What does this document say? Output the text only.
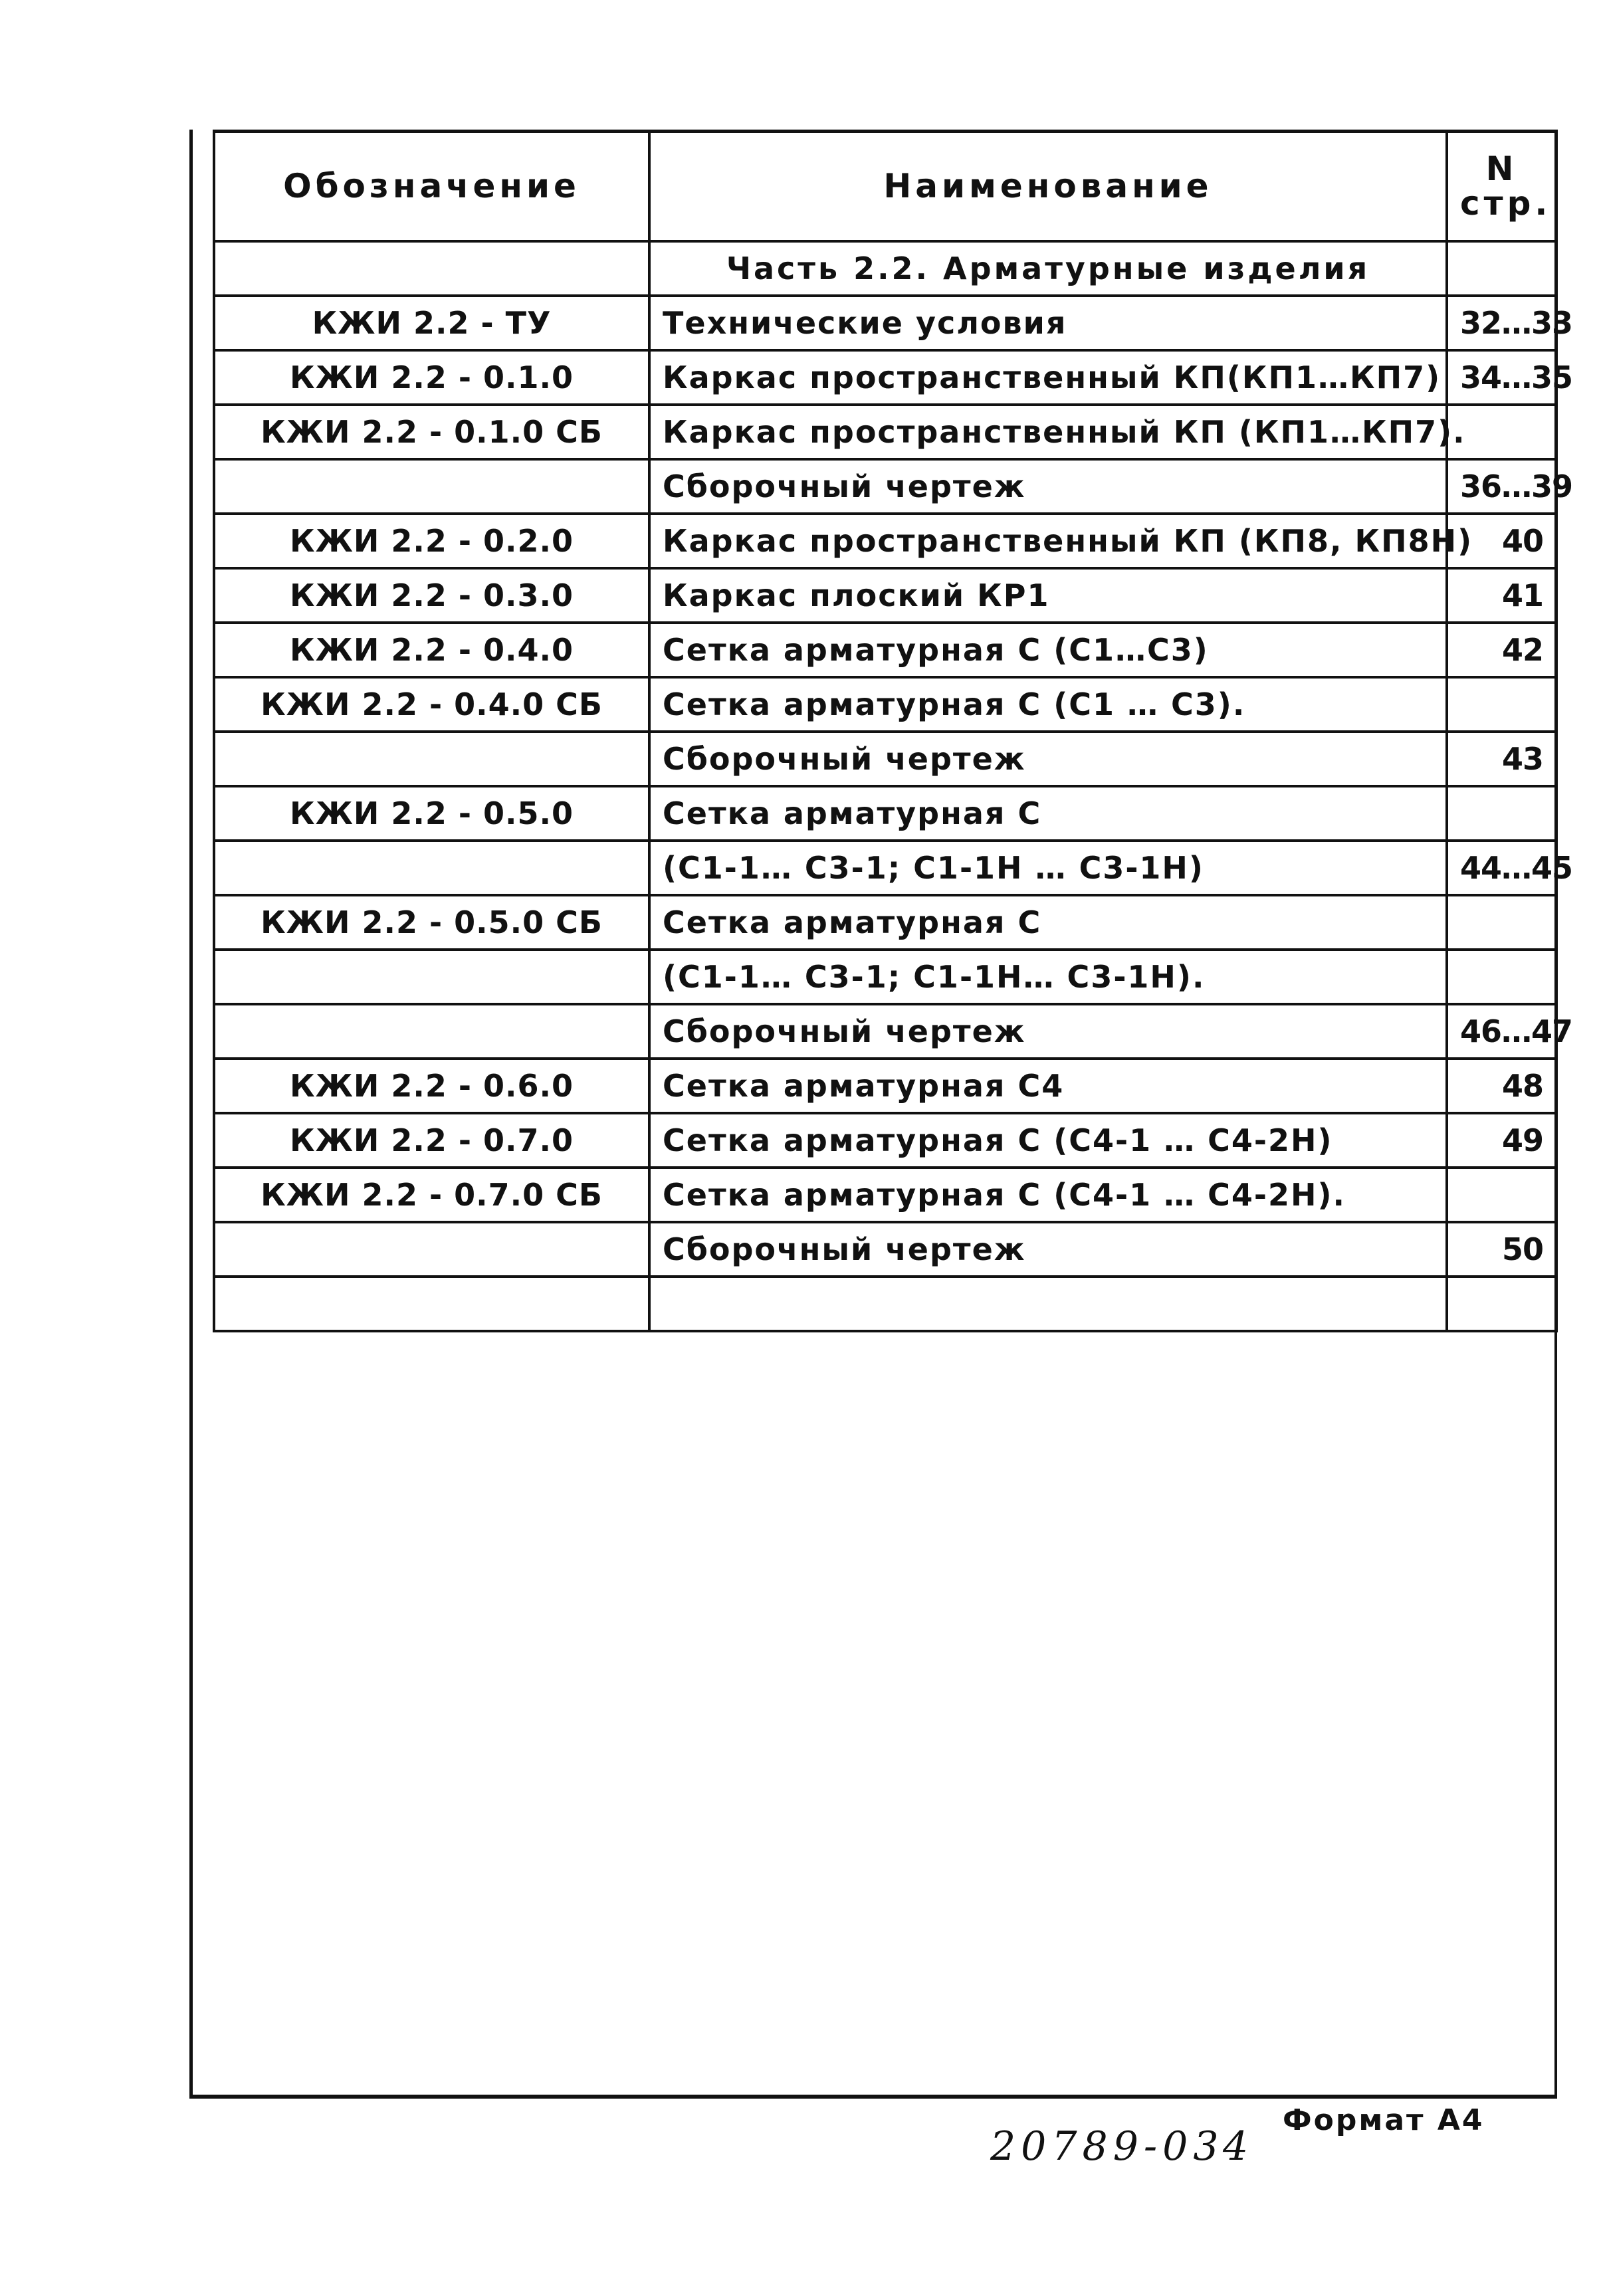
Обозначение	Наименование	N
стр.

	Часть 2.2. Арматурные изделия	
КЖИ 2.2 - ТУ	Технические условия	32…33
КЖИ 2.2 - 0.1.0	Каркас пространственный КП(КП1…КП7)	34…35
КЖИ 2.2 - 0.1.0 СБ	Каркас пространственный КП (КП1…КП7).	
	Сборочный чертеж	36…39
КЖИ 2.2 - 0.2.0	Каркас пространственный КП (КП8, КП8Н)	40
КЖИ 2.2 - 0.3.0	Каркас плоский КР1	41
КЖИ 2.2 - 0.4.0	Сетка арматурная С (С1…С3)	42
КЖИ 2.2 - 0.4.0 СБ	Сетка арматурная С (С1 … С3).	
	Сборочный чертеж	43
КЖИ 2.2 - 0.5.0	Сетка арматурная С	
	(С1-1… С3-1; С1-1Н … С3-1Н)	44…45
КЖИ 2.2 - 0.5.0 СБ	Сетка арматурная С	
	(С1-1… С3-1; С1-1Н… С3-1Н).	
	Сборочный чертеж	46…47
КЖИ 2.2 - 0.6.0	Сетка арматурная С4	48
КЖИ 2.2 - 0.7.0	Сетка арматурная С (С4-1 … С4-2Н)	49
КЖИ 2.2 - 0.7.0 СБ	Сетка арматурная С (С4-1 … С4-2Н).	
	Сборочный чертеж	50

20789-03
4
Формат А4
